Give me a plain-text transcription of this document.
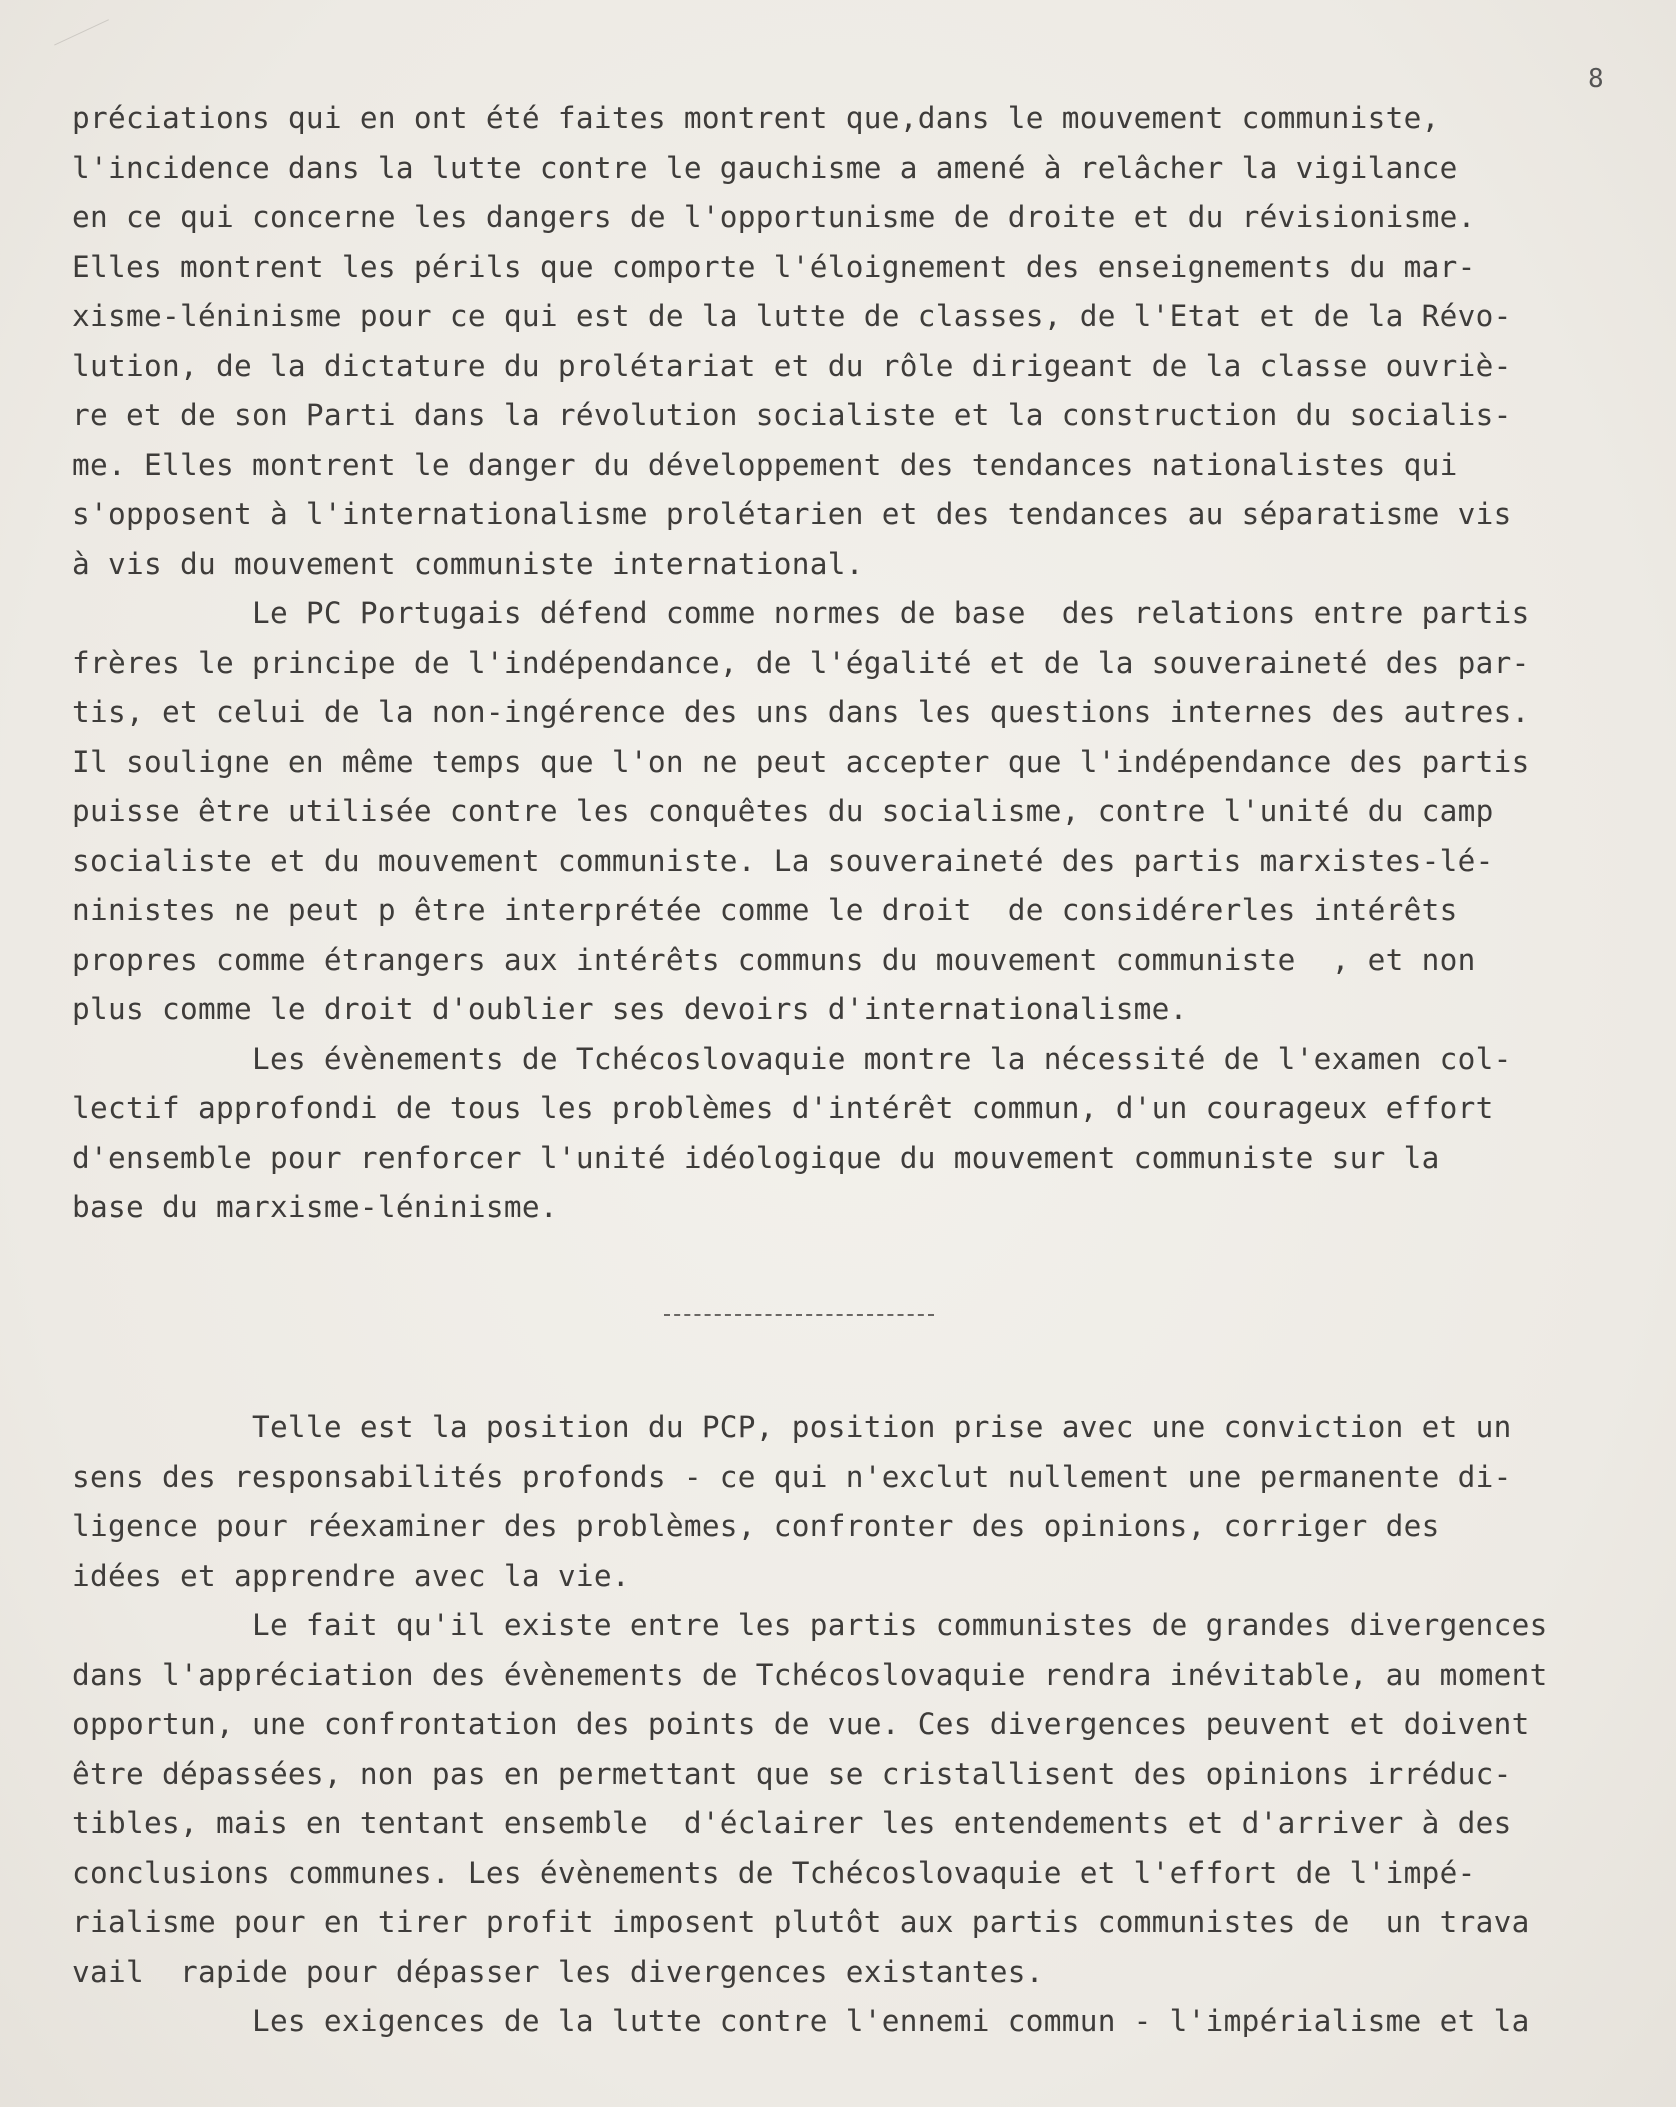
8
préciations qui en ont été faites montrent que,dans le mouvement communiste,
l'incidence dans la lutte contre le gauchisme a amené à relâcher la vigilance
en ce qui concerne les dangers de l'opportunisme de droite et du révisionisme.
Elles montrent les périls que comporte l'éloignement des enseignements du mar-
xisme-léninisme pour ce qui est de la lutte de classes, de l'Etat et de la Révo-
lution, de la dictature du prolétariat et du rôle dirigeant de la classe ouvriè-
re et de son Parti dans la révolution socialiste et la construction du socialis-
me. Elles montrent le danger du développement des tendances nationalistes qui
s'opposent à l'internationalisme prolétarien et des tendances au séparatisme vis
à vis du mouvement communiste international.
Le PC Portugais défend comme normes de base  des relations entre partis
frères le principe de l'indépendance, de l'égalité et de la souveraineté des par-
tis, et celui de la non-ingérence des uns dans les questions internes des autres.
Il souligne en même temps que l'on ne peut accepter que l'indépendance des partis
puisse être utilisée contre les conquêtes du socialisme, contre l'unité du camp
socialiste et du mouvement communiste. La souveraineté des partis marxistes-lé-
ninistes ne peut p être interprétée comme le droit  de considérerles intérêts
propres comme étrangers aux intérêts communs du mouvement communiste  , et non
plus comme le droit d'oublier ses devoirs d'internationalisme.
Les évènements de Tchécoslovaquie montre la nécessité de l'examen col-
lectif approfondi de tous les problèmes d'intérêt commun, d'un courageux effort
d'ensemble pour renforcer l'unité idéologique du mouvement communiste sur la
base du marxisme-léninisme.
Telle est la position du PCP, position prise avec une conviction et un
sens des responsabilités profonds - ce qui n'exclut nullement une permanente di-
ligence pour réexaminer des problèmes, confronter des opinions, corriger des
idées et apprendre avec la vie.
Le fait qu'il existe entre les partis communistes de grandes divergences
dans l'appréciation des évènements de Tchécoslovaquie rendra inévitable, au moment
opportun, une confrontation des points de vue. Ces divergences peuvent et doivent
être dépassées, non pas en permettant que se cristallisent des opinions irréduc-
tibles, mais en tentant ensemble  d'éclairer les entendements et d'arriver à des
conclusions communes. Les évènements de Tchécoslovaquie et l'effort de l'impé-
rialisme pour en tirer profit imposent plutôt aux partis communistes de  un trava
vail  rapide pour dépasser les divergences existantes.
Les exigences de la lutte contre l'ennemi commun - l'impérialisme et la
